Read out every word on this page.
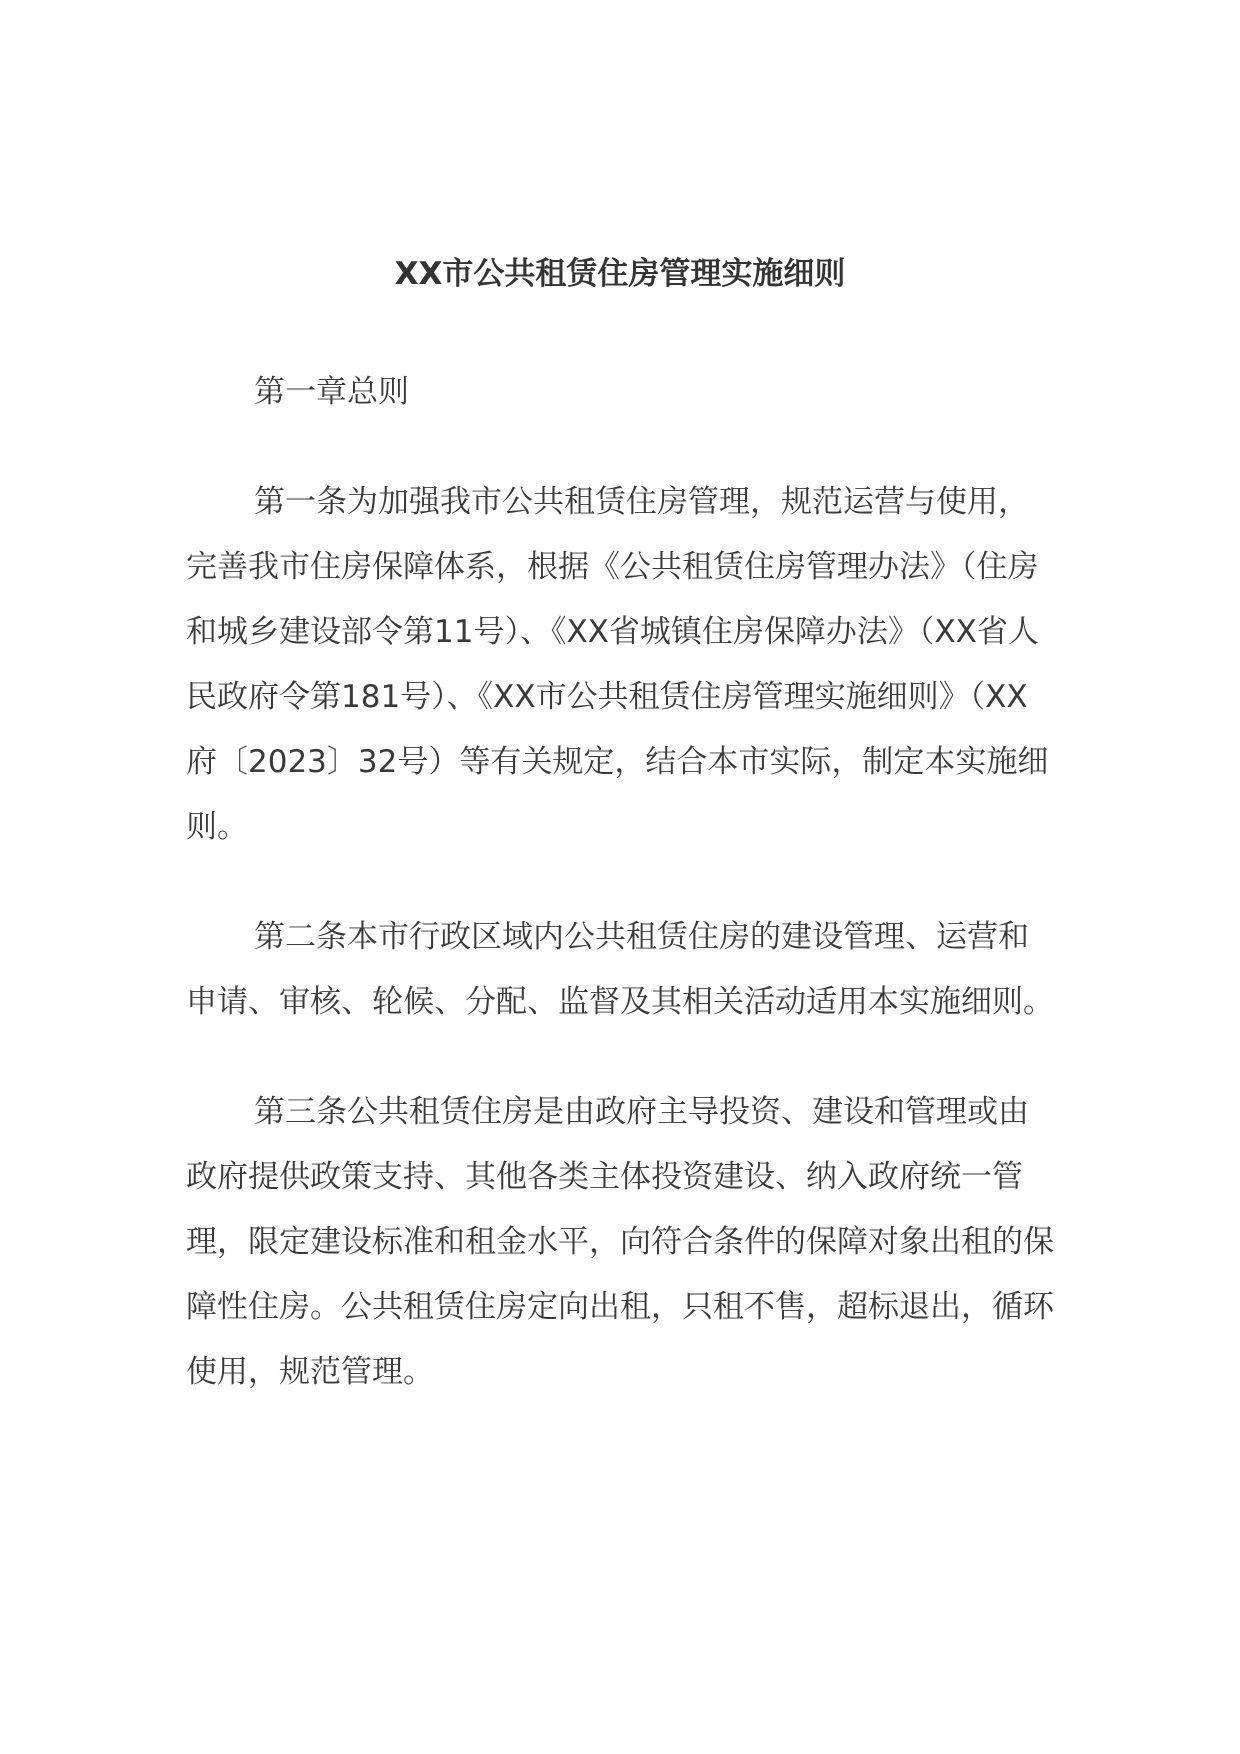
XX市公共租赁住房管理实施细则

第一章总则

第一条为加强我市公共租赁住房管理，规范运营与使用，完善我市住房保障体系，根据《公共租赁住房管理办法》（住房和城乡建设部令第11号）、《XX省城镇住房保障办法》（XX省人民政府令第181号）、《XX市公共租赁住房管理实施细则》（XX府〔2023〕32号）等有关规定，结合本市实际，制定本实施细则。

第二条本市行政区域内公共租赁住房的建设管理、运营和申请、审核、轮候、分配、监督及其相关活动适用本实施细则。

第三条公共租赁住房是由政府主导投资、建设和管理或由政府提供政策支持、其他各类主体投资建设、纳入政府统一管理，限定建设标准和租金水平，向符合条件的保障对象出租的保障性住房。公共租赁住房定向出租，只租不售，超标退出，循环使用，规范管理。
